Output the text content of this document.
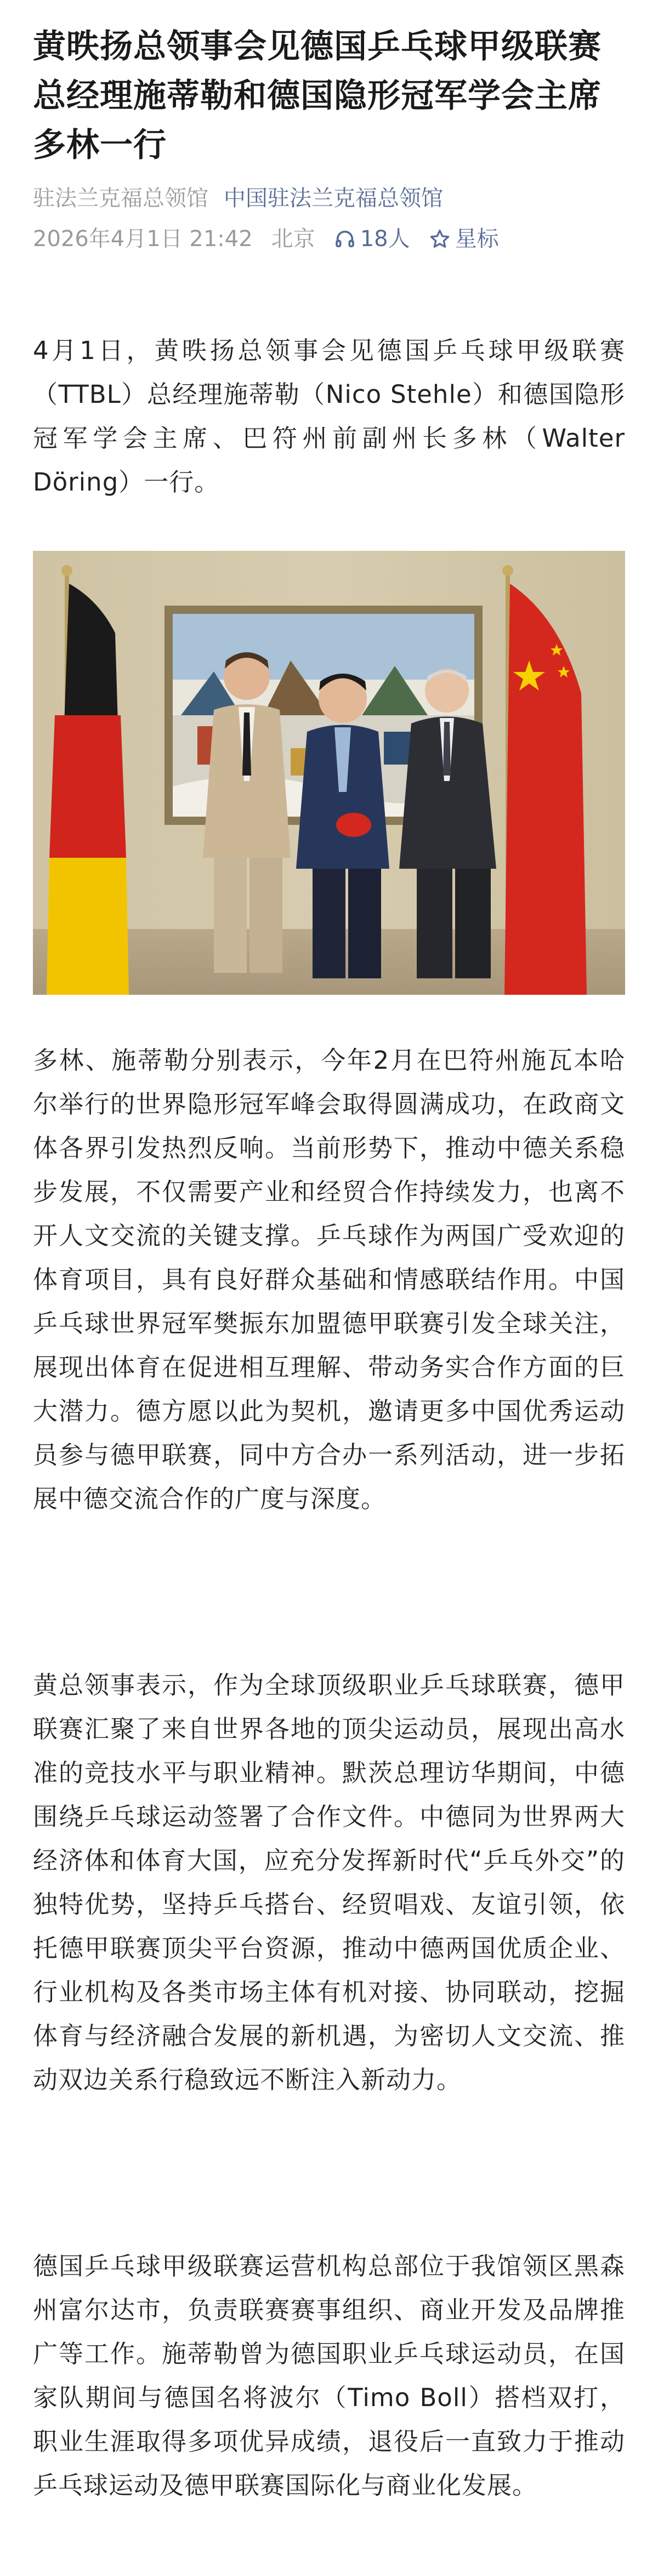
黄昳扬总领事会见德国乒乓球甲级联赛总经理施蒂勒和德国隐形冠军学会主席多林一行
驻法兰克福总领馆 中国驻法兰克福总领馆
2026年4月1日 21:42 北京 18人 星标

4月1日，黄昳扬总领事会见德国乒乓球甲级联赛（TTBL）总经理施蒂勒（Nico Stehle）和德国隐形冠军学会主席、巴符州前副州长多林（Walter Döring）一行。

多林、施蒂勒分别表示，今年2月在巴符州施瓦本哈尔举行的世界隐形冠军峰会取得圆满成功，在政商文体各界引发热烈反响。当前形势下，推动中德关系稳步发展，不仅需要产业和经贸合作持续发力，也离不开人文交流的关键支撑。乒乓球作为两国广受欢迎的体育项目，具有良好群众基础和情感联结作用。中国乒乓球世界冠军樊振东加盟德甲联赛引发全球关注，展现出体育在促进相互理解、带动务实合作方面的巨大潜力。德方愿以此为契机，邀请更多中国优秀运动员参与德甲联赛，同中方合办一系列活动，进一步拓展中德交流合作的广度与深度。

黄总领事表示，作为全球顶级职业乒乓球联赛，德甲联赛汇聚了来自世界各地的顶尖运动员，展现出高水准的竞技水平与职业精神。默茨总理访华期间，中德围绕乒乓球运动签署了合作文件。中德同为世界两大经济体和体育大国，应充分发挥新时代“乒乓外交”的独特优势，坚持乒乓搭台、经贸唱戏、友谊引领，依托德甲联赛顶尖平台资源，推动中德两国优质企业、行业机构及各类市场主体有机对接、协同联动，挖掘体育与经济融合发展的新机遇，为密切人文交流、推动双边关系行稳致远不断注入新动力。

德国乒乓球甲级联赛运营机构总部位于我馆领区黑森州富尔达市，负责联赛赛事组织、商业开发及品牌推广等工作。施蒂勒曾为德国职业乒乓球运动员，在国家队期间与德国名将波尔（Timo Boll）搭档双打，职业生涯取得多项优异成绩，退役后一直致力于推动乒乓球运动及德甲联赛国际化与商业化发展。
